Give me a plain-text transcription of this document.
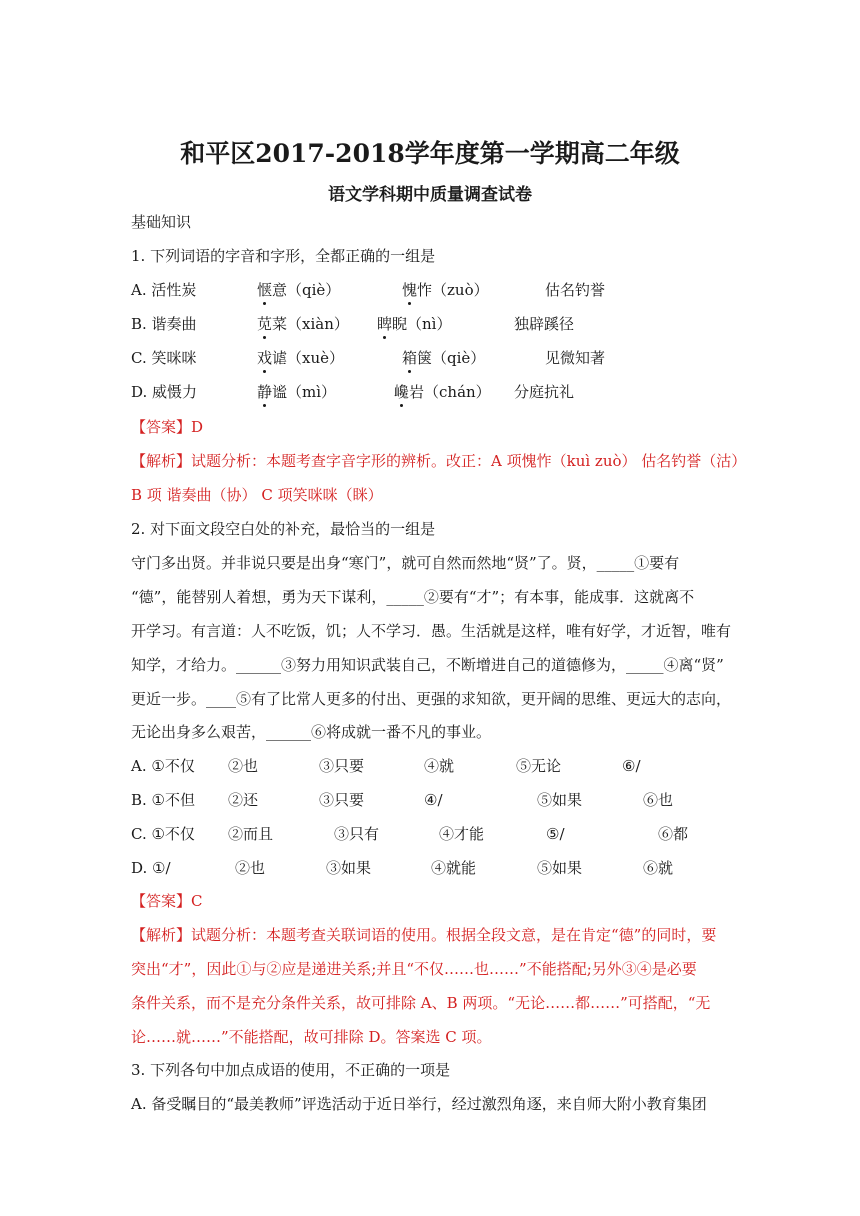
和平区2017-2018学年度第一学期高二年级
语文学科期中质量调查试卷
基础知识
1. 下列词语的字音和字形，全都正确的一组是
A. 活性炭	惬意（qiè）	愧怍（zuò）	估名钓誉
B. 谐奏曲	苋菜（xiàn） 睥睨（nì）	独辟蹊径
C. 笑咪咪	戏谑（xuè）	箱箧（qiè）	见微知著
D. 威慑力	静谧（mì）	巉岩（chán） 分庭抗礼
【答案】D
【解析】试题分析：本题考查字音字形的辨析。改正：A 项愧怍（kuì zuò） 估名钓誉（沽）
B 项 谐奏曲（协） C 项笑咪咪（眯）
2. 对下面文段空白处的补充，最恰当的一组是
守门多出贤。并非说只要是出身“寒门”，就可自然而然地“贤”了。贤，_____①要有
“德”，能替别人着想，勇为天下谋利，_____②要有“才”；有本事，能成事．这就离不
开学习。有言道：人不吃饭，饥；人不学习．愚。生活就是这样，唯有好学，才近智，唯有
知学，才给力。______③努力用知识武装自己，不断增进自己的道德修为，_____④离“贤”
更近一步。____⑤有了比常人更多的付出、更强的求知欲，更开阔的思维、更远大的志向，
无论出身多么艰苦，______⑥将成就一番不凡的事业。
A. ①不仅 ②也	③只要	④就	⑤无论	⑥/
B. ①不但 ②还	③只要	④/	⑤如果	⑥也
C. ①不仅 ②而且	③只有	④才能	⑤/	⑥都
D. ①/	②也	③如果	④就能	⑤如果	⑥就
【答案】C
【解析】试题分析：本题考查关联词语的使用。根据全段文意，是在肯定“德”的同时，要
突出“才”，因此①与②应是递进关系;并且“不仅……也……”不能搭配;另外③④是必要
条件关系，而不是充分条件关系，故可排除 A、B 两项。“无论……都……”可搭配，“无
论……就……”不能搭配，故可排除 D。答案选 C 项。
3. 下列各句中加点成语的使用，不正确的一项是
A. 备受瞩目的“最美教师”评选活动于近日举行，经过激烈角逐，来自师大附小教育集团
